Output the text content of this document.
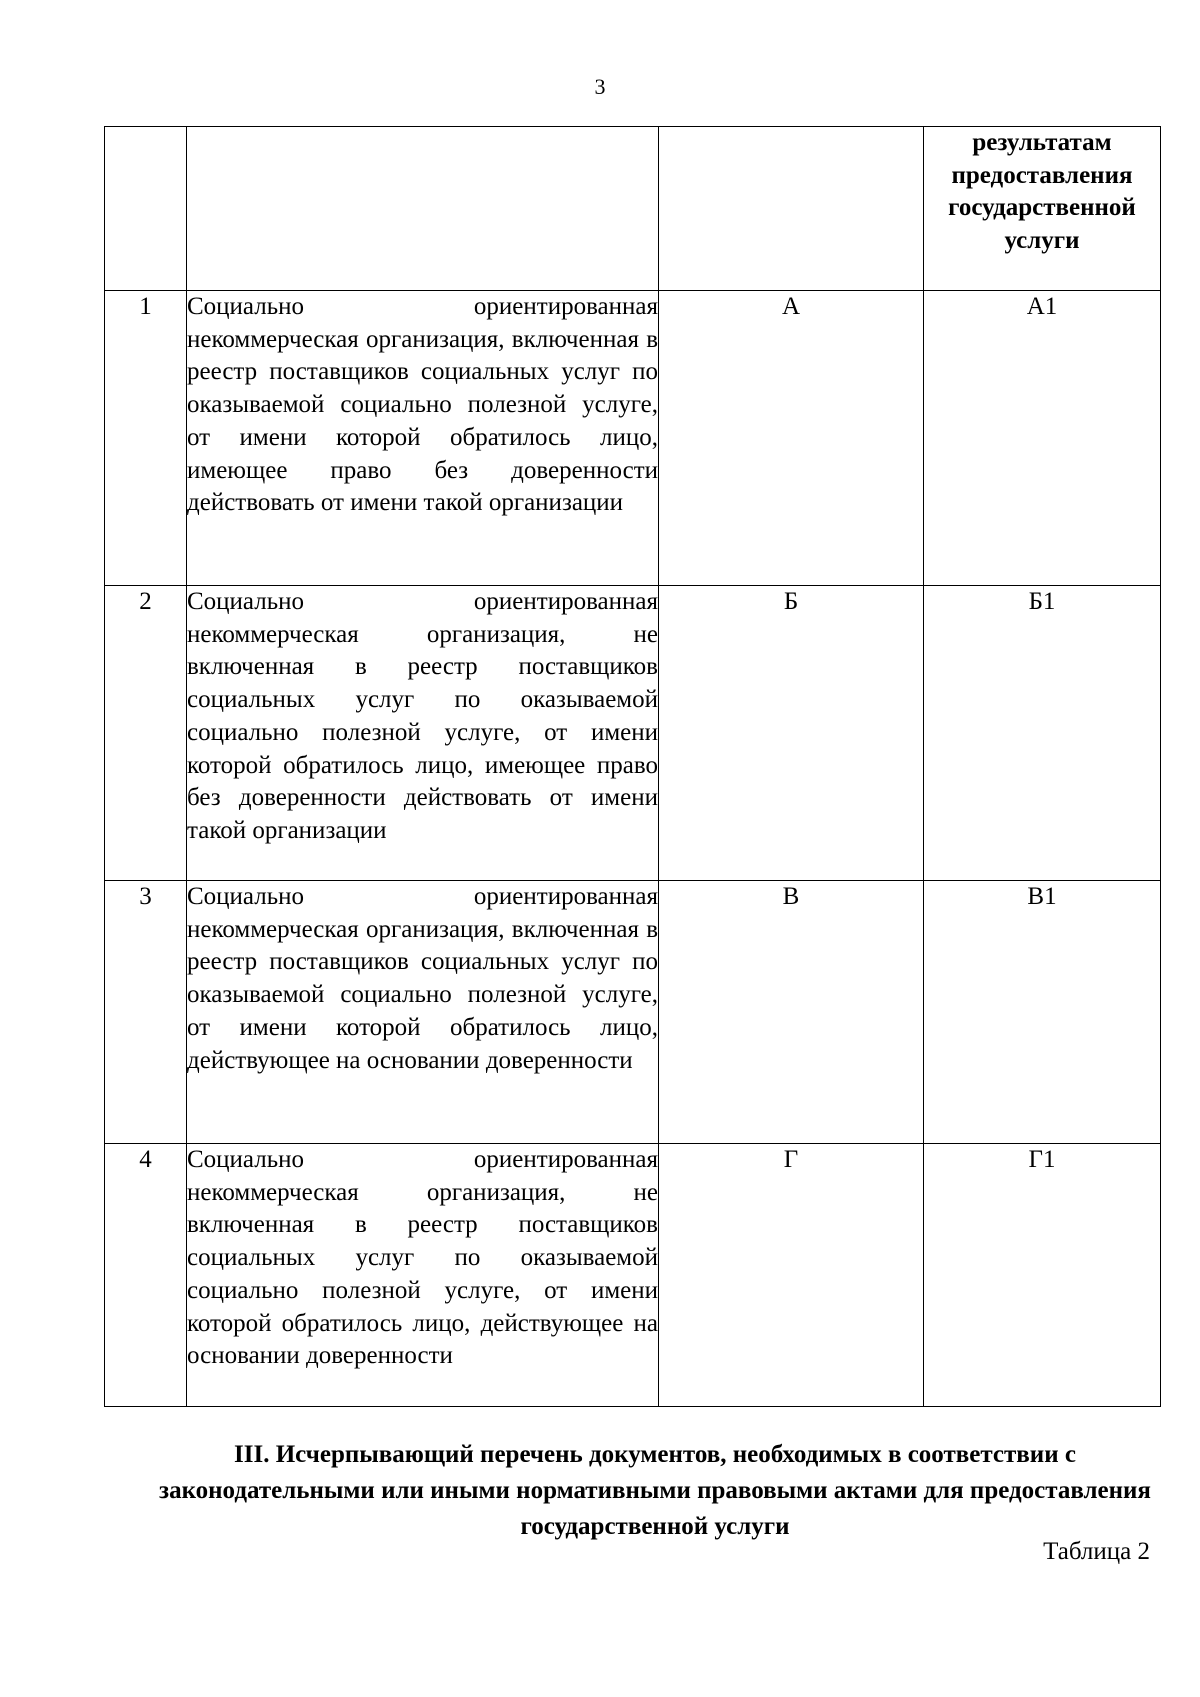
3
			результатам предоставления государственной услуги
1	Социально ориентированная некоммерческая организация, включенная в реестр поставщиков социальных услуг по оказываемой социально полезной услуге, от имени которой обратилось лицо, имеющее право без доверенности действовать от имени такой организации	А	А1
2	Социально ориентированная некоммерческая организация, не включенная в реестр поставщиков социальных услуг по оказываемой социально полезной услуге, от имени которой обратилось лицо, имеющее право без доверенности действовать от имени такой организации	Б	Б1
3	Социально ориентированная некоммерческая организация, включенная в реестр поставщиков социальных услуг по оказываемой социально полезной услуге, от имени которой обратилось лицо, действующее на основании доверенности	В	В1
4	Социально ориентированная некоммерческая организация, не включенная в реестр поставщиков социальных услуг по оказываемой социально полезной услуге, от имени которой обратилось лицо, действующее на основании доверенности	Г	Г1
III. Исчерпывающий перечень документов, необходимых в соответствии с законодательными или иными нормативными правовыми актами для предоставления государственной услуги
Таблица 2
